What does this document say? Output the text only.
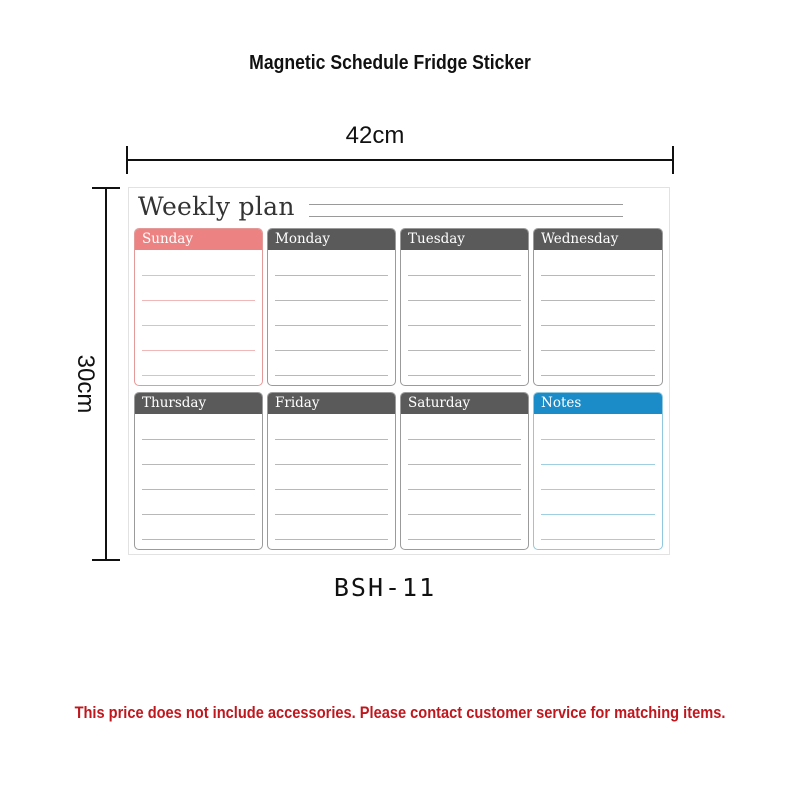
Magnetic Schedule Fridge Sticker
42cm
30cm
Weekly plan
Sunday	Monday	Tuesday	Wednesday
Thursday	Friday	Saturday	Notes
BSH-11
This price does not include accessories. Please contact customer service for matching items.
